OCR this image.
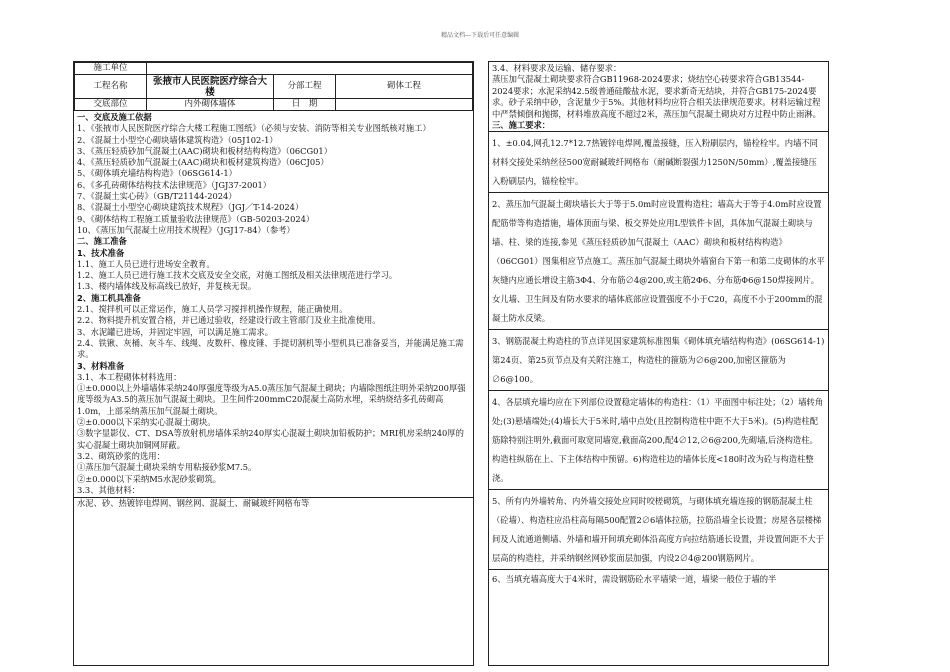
精品文档---下载后可任意编辑
施工单位			
工程名称	张掖市人民医院医疗综合大楼	分部工程	砌体工程
交底部位	内外砌体墙体	日　期	

一、交底及施工依据

1、《张掖市人民医院医疗综合大楼工程施工图纸》（必须与安装、消防等相关专业图纸核对施工）

2、《混凝土小型空心砌块墙体建筑构造》（05J102-1）

3、《蒸压轻质砂加气混凝土(AAC)砌块和板材结构构造》（06CG01）

4、《蒸压轻质砂加气混凝土(AAC)砌块和板材建筑构造》（06CJ05）

5、《砌体填充墙结构构造》（06SG614-1）

6、《多孔砖砌体结构技术法律规范》（JGJ37-2001）

7、《混凝土实心砖》（GB/T21144-2024）

8、《混凝土小型空心砌块建筑技术规程》（JGJ／T-14-2024）

9、《砌体结构工程施工质量验收法律规范》（GB-50203-2024）

10、《蒸压加气混凝土应用技术规程》（JGJ17-84）（参考）

二、施工准备

1、技术准备

1.1、施工人员已进行进场安全教育。

1.2、施工人员已进行施工技术交底及安全交底，对施工图纸及相关法律规范进行学习。

1.3、楼内墙体线及标高线已放好，并复核无误。

2、施工机具准备

2.1、搅拌机可以正常运作，施工人员学习搅拌机操作规程，能正确使用。

2.2、物料提升机安置合格，并已通过验收，经建设行政主管部门及业主批准使用。

3、水泥罐已进场，并固定牢固，可以满足施工需求。

2.4、铁锹、灰桶、灰斗车、线绳、皮数杆、橡皮锤、手提切割机等小型机具已准备妥当，并能满足施工需求。

3、材料准备

3.1、本工程砌体材料选用：

①±0.000以上外墙墙体采纳240厚强度等级为A5.0蒸压加气混凝土砌块；内墙除图纸注明外采纳200厚强度等级为A3.5的蒸压加气混凝土砌块。卫生间件200mmC20混凝土高防水埋，采纳烧结多孔砖砌高1.0m，上部采纳蒸压加气混凝土砌块。

②±0.000以下采纳实心混凝土砌块。

③数字显影仪、CT、DSA等放射机房墙体采纳240厚实心混凝土砌块加铅板防护；MRI机房采纳240厚的实心混凝土砌块加铜网屏蔽。

3.2、砌筑砂浆的选用：

①蒸压加气混凝土砌块采纳专用粘接砂浆M7.5。

②±0.000以下采纳M5水泥砂浆砌筑。

3.3、其他材料：

水泥、砂、热镀锌电焊网、钢丝网、混凝土、耐碱玻纤网格布等

3.4、材料要求及运输、储存要求：

蒸压加气混凝土砌块要求符合GB11968-2024要求；烧结空心砖要求符合GB13544-2024要求；水泥采纳42.5级普通硅酸盐水泥，要求新奇无结块，并符合GB175-2024要求。砂子采纳中砂，含泥量少于5%。其他材料均应符合相关法律规范要求。材料运输过程中严禁倾倒和抛掷，材料堆放高度不超过2米，蒸压加气混凝土砌块对方过程中防止雨淋。

三、施工要求：

1、±0.04,网孔12.7*12.7热镀锌电焊网,覆盖接缝，压入粉刷层内，锚栓栓牢。内墙不同材料交接处采纳丝径500宽耐碱玻纤网格布（耐碱断裂强力1250N/50mm）,覆盖接缝压入粉刷层内，锚栓栓牢。
2、蒸压加气混凝土砌块墙长大于等于5.0m时应设置构造柱；墙高大于等于4.0m时应设置配筋带等构造措施，墙体顶面与梁、板交界处应用L型铁件卡固，具体加气混凝土砌块与墙、柱、梁的连接,参见《蒸压轻质砂加气混凝土（AAC）砌块和板材结构构造》（06CG01）图集相应节点施工。蒸压加气混凝土砌块外墙窗台下第一和第二皮砌体的水平灰缝内应通长增设主筋3Φ4、分布筋∅4@200,或主筋2Φ6、分布筋Φ6@150焊接网片。女儿墙、卫生间及有防水要求的墙体底部应设置强度不小于C20，高度不小于200mm的混凝土防水反梁。
3、钢筋混凝土构造柱的节点详见国家建筑标准图集《砌体填充墙结构构造》(06SG614-1)第24页、第25页节点及有关附注施工，构造柱的箍筋为∅6@200,加密区箍筋为∅6@100。
4、各层填充墙均应在下列部位设置稳定墙体的构造柱：（1）平面图中标注处；（2）墙转角处;(3)悬墙端处;(4)墙长大于5米时,墙中点处(且控制构造柱中距不大于5米)。(5)构造柱配筋除特别注明外,截面可取宽同墙宽,截面高200,配4∅12,∅6@200,先砌墙,后浇构造柱。构造柱纵筋在上、下主体结构中预留。6)构造柱边的墙体长度<180时改为砼与构造柱整浇。
5、所有内外墙转角、内外墙交接处应同时咬槎砌筑，与砌体填充墙连接的钢筋混凝土柱（砼墙）、构造柱应沿柱高每隔500配置2∅6墙体拉筋，拉筋沿墙全长设置；房屋各层楼梯间及人流通道侧墙、外墙和墙开间填充砌体沿高度方向拉结筋通长设置，并设置间距不大于层高的构造柱，并采纳钢丝网砂浆面层加强，内设2∅4@200钢筋网片。
6、当填充墙高度大于4米时，需设钢筋砼水平墙梁一道，墙梁一般位于墙的半
